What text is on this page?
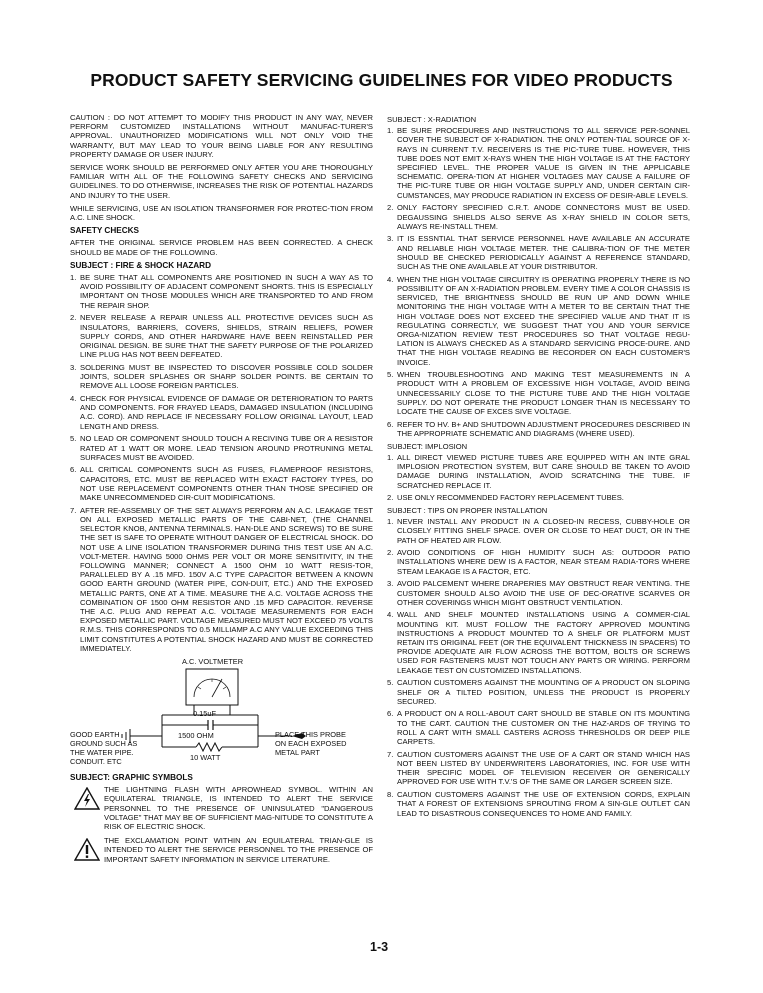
PRODUCT SAFETY SERVICING GUIDELINES FOR VIDEO PRODUCTS

CAUTION : DO NOT ATTEMPT TO MODIFY THIS PRODUCT IN ANY WAY, NEVER PERFORM CUSTOMIZED INSTALLATIONS WITHOUT MANUFAC-TURER'S APPROVAL. UNAUTHORIZED MODIFICATIONS WILL NOT ONLY VOID THE WARRANTY, BUT MAY LEAD TO YOUR BEING LIABLE FOR ANY RESULTING PROPERTY DAMAGE OR USER INJURY.

SERVICE WORK SHOULD BE PERFORMED ONLY AFTER YOU ARE THOROUGHLY FAMILIAR WITH ALL OF THE FOLLOWING SAFETY CHECKS AND SERVICING GUIDELINES. TO DO OTHERWISE, INCREASES THE RISK OF POTENTIAL HAZARDS AND INJURY TO THE USER.

WHILE SERVICING, USE AN ISOLATION TRANSFORMER FOR PROTEC-TION FROM A.C. LINE SHOCK.

SAFETY CHECKS

AFTER THE ORIGINAL SERVICE PROBLEM HAS BEEN CORRECTED. A CHECK SHOULD BE MADE OF THE FOLLOWING.

SUBJECT : FIRE & SHOCK HAZARD
1. BE SURE THAT ALL COMPONENTS ARE POSITIONED IN SUCH A WAY AS TO AVOID POSSIBILITY OF ADJACENT COMPONENT SHORTS. THIS IS ESPECIALLY IMPORTANT ON THOSE MODULES WHICH ARE TRANSPORTED TO AND FROM THE REPAIR SHOP.
2. NEVER RELEASE A REPAIR UNLESS ALL PROTECTIVE DEVICES SUCH AS INSULATORS, BARRIERS, COVERS, SHIELDS, STRAIN RELIEFS, POWER SUPPLY CORDS, AND OTHER HARDWARE HAVE BEEN REINSTALLED PER ORIGINAL DESIGN. BE SURE THAT THE SAFETY PURPOSE OF THE POLARIZED LINE PLUG HAS NOT BEEN DEFEATED.
3. SOLDERING MUST BE INSPECTED TO DISCOVER POSSIBLE COLD SOLDER JOINTS, SOLDER SPLASHES OR SHARP SOLDER POINTS. BE CERTAIN TO REMOVE ALL LOOSE FOREIGN PARTICLES.
4. CHECK FOR PHYSICAL EVIDENCE OF DAMAGE OR DETERIORATION TO PARTS AND COMPONENTS. FOR FRAYED LEADS, DAMAGED INSULATION (INCLUDING A.C. CORD). AND REPLACE IF NECESSARY FOLLOW ORIGINAL LAYOUT, LEAD LENGTH AND DRESS.
5. NO LEAD OR COMPONENT SHOULD TOUCH A RECIVING TUBE OR A RESISTOR RATED AT 1 WATT OR MORE. LEAD TENSION AROUND PROTRUNING METAL SURFACES MUST BE AVOIDED.
6. ALL CRITICAL COMPONENTS SUCH AS FUSES, FLAMEPROOF RESISTORS, CAPACITORS, ETC. MUST BE REPLACED WITH EXACT FACTORY TYPES, DO NOT USE REPLACEMENT COMPONENTS OTHER THAN THOSE SPECIFIED OR MAKE UNRECOMMENDED CIR-CUIT MODIFICATIONS.
7. AFTER RE-ASSEMBLY OF THE SET ALWAYS PERFORM AN A.C. LEAKAGE TEST ON ALL EXPOSED METALLIC PARTS OF THE CABI-NET, (THE CHANNEL SELECTOR KNOB, ANTENNA TERMINALS. HAN-DLE AND SCREWS) TO BE SURE THE SET IS SAFE TO OPERATE WITHOUT DANGER OF ELECTRICAL SHOCK. DO NOT USE A LINE ISOLATION TRANSFORMER DURING THIS TEST USE AN A.C. VOLT-METER. HAVING 5000 OHMS PER VOLT OR MORE SENSITIVITY, IN THE FOLLOWING MANNER; CONNECT A 1500 OHM 10 WATT RESIS-TOR, PARALLELED BY A .15 MFD. 150V A.C TYPE CAPACITOR BETWEEN A KNOWN GOOD EARTH GROUND (WATER PIPE, CON-DUIT, ETC.) AND THE EXPOSED METALLIC PARTS, ONE AT A TIME. MEASURE THE A.C. VOLTAGE ACROSS THE COMBINATION OF 1500 OHM RESISTOR AND .15 MFD CAPACITOR. REVERSE THE A.C. PLUG AND REPEAT A.C. VOLTAGE MEASUREMENTS FOR EACH EXPOSED METALLIC PART. VOLTAGE MEASURED MUST NOT EXCEED 75 VOLTS R.M.S. THIS CORRESPONDS TO 0.5 MILLIAMP A.C ANY VALUE EXCEEDING THIS LIMIT CONSTITUTES A POTENTIAL SHOCK HAZARD AND MUST BE CORRECTED IMMEDIATELY.
A.C. VOLTMETER
0.15uF
1500 OHM
10 WATT
GOOD EARTH GROUND SUCH AS THE WATER PIPE. CONDUIT. ETC
PLACE THIS PROBE ON EACH EXPOSED METAL PART
SUBJECT: GRAPHIC SYMBOLS
THE LIGHTNING FLASH WITH APROWHEAD SYMBOL. WITHIN AN EQUILATERAL TRIANGLE, IS INTENDED TO ALERT THE SERVICE PERSONNEL TO THE PRESENCE OF UNINSULATED "DANGEROUS VOLTAGE" THAT MAY BE OF SUFFICIENT MAG-NITUDE TO CONSTITUTE A RISK OF ELECTRIC SHOCK.
THE EXCLAMATION POINT WITHIN AN EQUILATERAL TRIAN-GLE IS INTENDED TO ALERT THE SERVICE PERSONNEL TO THE PRESENCE OF IMPORTANT SAFETY INFORMATION IN SERVICE LITERATURE.
SUBJECT : X-RADIATION
1. BE SURE PROCEDURES AND INSTRUCTIONS TO ALL SERVICE PER-SONNEL COVER THE SUBJECT OF X-RADIATION. THE ONLY POTEN-TIAL SOURCE OF X-RAYS IN CURRENT T.V. RECEIVERS IS THE PIC-TURE TUBE. HOWEVER, THIS TUBE DOES NOT EMIT X-RAYS WHEN THE HIGH VOLTAGE IS AT THE FACTORY SPECIFIED LEVEL. THE PROPER VALUE IS GIVEN IN THE APPLICABLE SCHEMATIC. OPERA-TION AT HIGHER VOLTAGES MAY CAUSE A FAILURE OF THE PIC-TURE TUBE OR HIGH VOLTAGE SUPPLY AND, UNDER CERTAIN CIR-CUMSTANCES, MAY PRODUCE RADIATION IN EXCESS OF DESIR-ABLE LEVELS.
2. ONLY FACTORY SPECIFIED C.R.T. ANODE CONNECTORS MUST BE USED. DEGAUSSING SHIELDS ALSO SERVE AS X-RAY SHIELD IN COLOR SETS, ALWAYS RE-INSTALL THEM.
3. IT IS ESSNTIAL THAT SERVICE PERSONNEL HAVE AVAILABLE AN ACCURATE AND RELIABLE HIGH VOLTAGE METER. THE CALIBRA-TION OF THE METER SHOULD BE CHECKED PERIODICALLY AGAINST A REFERENCE STANDARD, SUCH AS THE ONE AVAILABLE AT YOUR DISTRIBUTOR.
4. WHEN THE HIGH VOLTAGE CIRCUITRY IS OPERATING PROPERLY THERE IS NO POSSIBILITY OF AN X-RADIATION PROBLEM. EVERY TIME A COLOR CHASSIS IS SERVICED, THE BRIGHTNESS SHOULD BE RUN UP AND DOWN WHILE MONITORING THE HIGH VOLTAGE WITH A METER TO BE CERTAIN THAT THE HIGH VOLTAGE DOES NOT EXCEED THE SPECIFIED VALUE AND THAT IT IS REGULATING CORRECTLY, WE SUGGEST THAT YOU AND YOUR SERVICE ORGA-NIZATION REVIEW TEST PROCEDURES SO THAT VOLTAGE REGU-LATION IS ALWAYS CHECKED AS A STANDARD SERVICING PROCE-DURE. AND THAT THE HIGH VOLTAGE READING BE RECORDER ON EACH CUSTOMER'S INVOICE.
5. WHEN TROUBLESHOOTING AND MAKING TEST MEASUREMENTS IN A PRODUCT WITH A PROBLEM OF EXCESSIVE HIGH VOLTAGE, AVOID BEING UNNECESSARILY CLOSE TO THE PICTURE TUBE AND THE HIGH VOLTAGE SUPPLY. DO NOT OPERATE THE PRODUCT LONGER THAN IS NECESSARY TO LOCATE THE CAUSE OF EXCES SIVE VOLTAGE.
6. REFER TO HV. B+ AND SHUTDOWN ADJUSTMENT PROCEDURES DESCRIBED IN THE APPROPRIATE SCHEMATIC AND DIAGRAMS (WHERE USED).
SUBJECT: IMPLOSION
1. ALL DIRECT VIEWED PICTURE TUBES ARE EQUIPPED WITH AN INTE GRAL IMPLOSION PROTECTION SYSTEM, BUT CARE SHOULD BE TAKEN TO AVOID DAMAGE DURING INSTALLATION, AVOID SCRATCHING THE TUBE. IF SCRATCHED REPLACE IT.
2. USE ONLY RECOMMENDED FACTORY REPLACEMENT TUBES.
SUBJECT : TIPS ON PROPER INSTALLATION
1. NEVER INSTALL ANY PRODUCT IN A CLOSED-IN RECESS, CUBBY-HOLE OR CLOSELY FITTING SHELF SPACE. OVER OR CLOSE TO HEAT DUCT, OR IN THE PATH OF HEATED AIR FLOW.
2. AVOID CONDITIONS OF HIGH HUMIDITY SUCH AS: OUTDOOR PATIO INSTALLATIONS WHERE DEW IS A FACTOR, NEAR STEAM RADIA-TORS WHERE STEAM LEAKAGE IS A FACTOR, ETC.
3. AVOID PALCEMENT WHERE DRAPERIES MAY OBSTRUCT REAR VENTING. THE CUSTOMER SHOULD ALSO AVOID THE USE OF DEC-ORATIVE SCARVES OR OTHER COVERINGS WHICH MIGHT OBSTRUCT VENTILATION.
4. WALL AND SHELF MOUNTED INSTALLATIONS USING A COMMER-CIAL MOUNTING KIT. MUST FOLLOW THE FACTORY APPROVED MOUNTING INSTRUCTIONS A PRODUCT MOUNTED TO A SHELF OR PLATFORM MUST RETAIN ITS ORIGINAL FEET (OR THE EQUIVALENT THICKNESS IN SPACERS) TO PROVIDE ADEQUATE AIR FLOW ACROSS THE BOTTOM, BOLTS OR SCREWS USED FOR FASTENERS MUST NOT TOUCH ANY PARTS OR WIRING. PERFORM LEAKAGE TEST ON CUSTOMIZED INSTALLATIONS.
5. CAUTION CUSTOMERS AGAINST THE MOUNTING OF A PRODUCT ON SLOPING SHELF OR A TILTED POSITION, UNLESS THE PRODUCT IS PROPERLY SECURED.
6. A PRODUCT ON A ROLL-ABOUT CART SHOULD BE STABLE ON ITS MOUNTING TO THE CART. CAUTION THE CUSTOMER ON THE HAZ-ARDS OF TRYING TO ROLL A CART WITH SMALL CASTERS ACROSS THRESHOLDS OR DEEP PILE CARPETS.
7. CAUTION CUSTOMERS AGAINST THE USE OF A CART OR STAND WHICH HAS NOT BEEN LISTED BY UNDERWRITERS LABORATORIES, INC. FOR USE WITH THEIR SPECIFIC MODEL OF TELEVISION RECEIVER OR GENERICALLY APPROVED FOR USE WITH T.V.'S OF THE SAME OR LARGER SCREEN SIZE.
8. CAUTION CUSTOMERS AGAINST THE USE OF EXTENSION CORDS, EXPLAIN THAT A FOREST OF EXTENSIONS SPROUTING FROM A SIN-GLE OUTLET CAN LEAD TO DISASTROUS CONSEQUENCES TO HOME AND FAMILY.
1-3
